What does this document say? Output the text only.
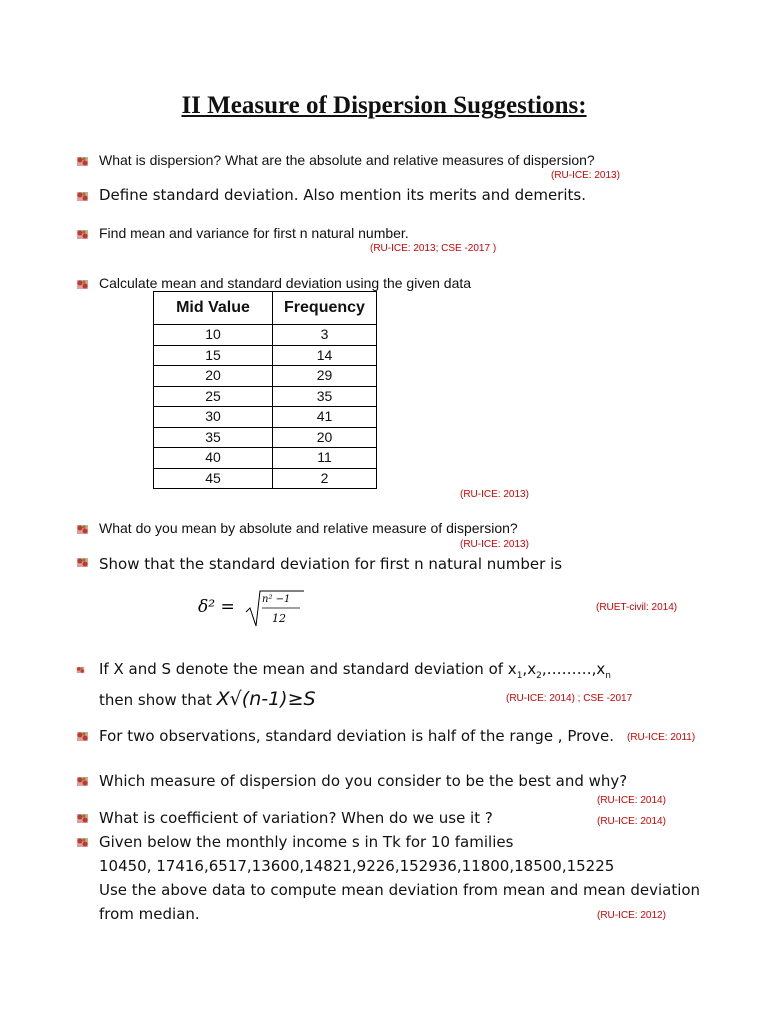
II Measure of Dispersion Suggestions:
What is dispersion? What are the absolute and relative measures of dispersion?
(RU-ICE: 2013)
Define standard deviation. Also mention its merits and demerits.
Find mean and variance for first n natural number.
(RU-ICE: 2013; CSE -2017 )
Calculate mean and standard deviation using the given data
Mid Value	Frequency
10	3
15	14
20	29
25	35
30	41
35	20
40	11
45	2
(RU-ICE: 2013)
What do you mean by absolute and relative measure of dispersion?
(RU-ICE: 2013)
Show that the standard deviation for first n natural number is
δ² =	n² −1
12
(RUET-civil: 2014)
If X and S denote the mean and standard deviation of $x_1,x_2,\dots\dots\dots,x_n$
then show that X√(n-1)≥S	(RU-ICE: 2014) ; CSE -2017
For two observations, standard deviation is half of the range , Prove. (RU-ICE: 2011)
Which measure of dispersion do you consider to be the best and why?
(RU-ICE: 2014)
What is coefficient of variation? When do we use it ?	(RU-ICE: 2014)
Given below the monthly income s in Tk for 10 families
10450, 17416,6517,13600,14821,9226,152936,11800,18500,15225
Use the above data to compute mean deviation from mean and mean deviation
from median.	(RU-ICE: 2012)
